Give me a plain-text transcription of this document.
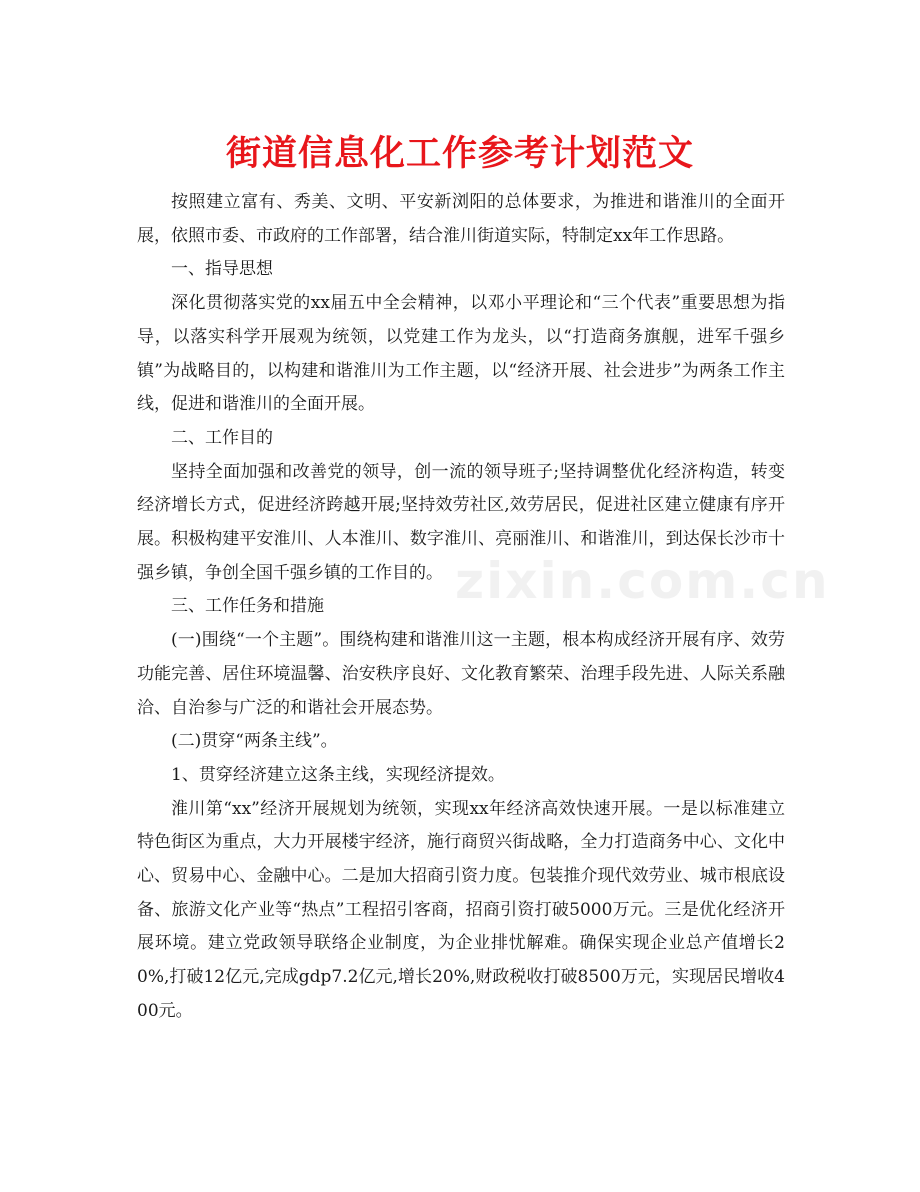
街道信息化工作参考计划范文

按照建立富有、秀美、文明、平安新浏阳的总体要求，为推进和谐淮川的全面开展，依照市委、市政府的工作部署，结合淮川街道实际，特制定xx年工作思路。

一、指导思想

深化贯彻落实党的xx届五中全会精神，以邓小平理论和“三个代表”重要思想为指导，以落实科学开展观为统领，以党建工作为龙头，以“打造商务旗舰，进军千强乡镇”为战略目的，以构建和谐淮川为工作主题，以“经济开展、社会进步”为两条工作主线，促进和谐淮川的全面开展。

二、工作目的

坚持全面加强和改善党的领导，创一流的领导班子;坚持调整优化经济构造，转变经济增长方式，促进经济跨越开展;坚持效劳社区,效劳居民，促进社区建立健康有序开展。积极构建平安淮川、人本淮川、数字淮川、亮丽淮川、和谐淮川，到达保长沙市十强乡镇，争创全国千强乡镇的工作目的。

三、工作任务和措施

(一)围绕“一个主题”。围绕构建和谐淮川这一主题，根本构成经济开展有序、效劳功能完善、居住环境温馨、治安秩序良好、文化教育繁荣、治理手段先进、人际关系融洽、自治参与广泛的和谐社会开展态势。

(二)贯穿“两条主线”。

1、贯穿经济建立这条主线，实现经济提效。

淮川第“xx”经济开展规划为统领，实现xx年经济高效快速开展。一是以标准建立特色街区为重点，大力开展楼宇经济，施行商贸兴街战略，全力打造商务中心、文化中心、贸易中心、金融中心。二是加大招商引资力度。包装推介现代效劳业、城市根底设备、旅游文化产业等“热点”工程招引客商，招商引资打破5000万元。三是优化经济开展环境。建立党政领导联络企业制度，为企业排忧解难。确保实现企业总产值增长20%,打破12亿元,完成gdp7.2亿元,增长20%,财政税收打破8500万元，实现居民增收400元。

zixin.com.cn
